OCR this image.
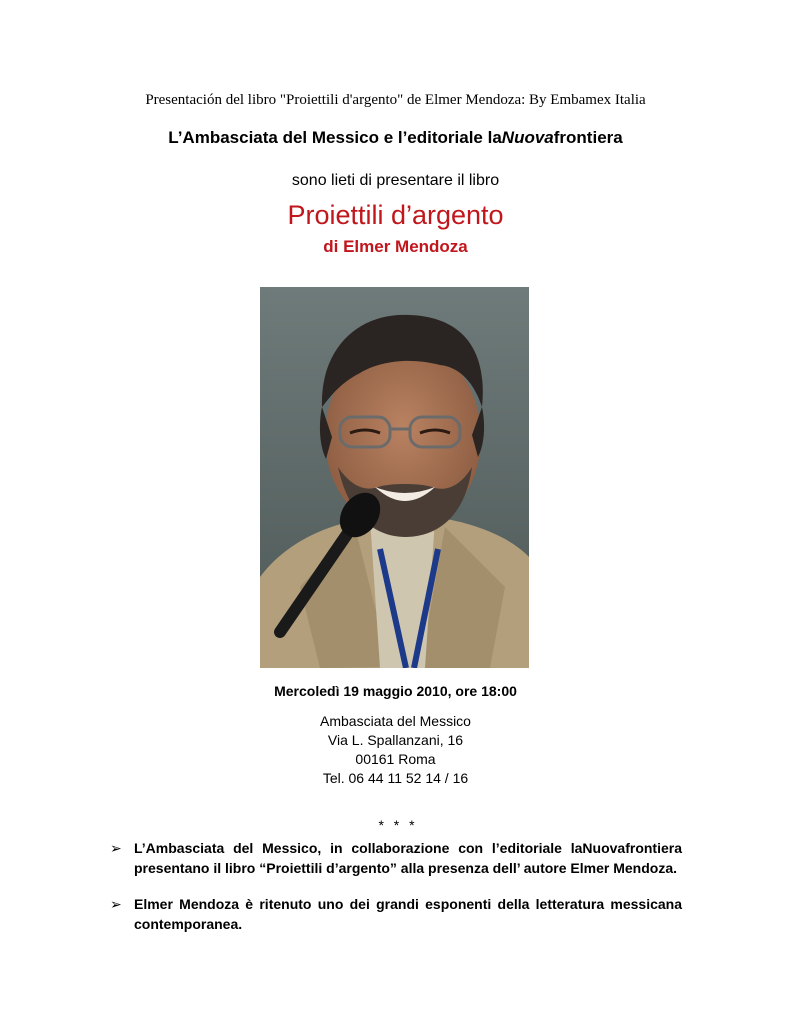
Presentación del libro "Proiettili d'argento" de Elmer Mendoza: By Embamex Italia
L’Ambasciata del Messico e l’editoriale laNuovafrontiera
sono lieti di presentare il libro
Proiettili d’argento
di Elmer Mendoza
Mercoledì 19 maggio 2010, ore 18:00
Ambasciata del Messico
Via L. Spallanzani, 16
00161 Roma
Tel. 06 44 11 52 14 / 16
* * *
➢ L’Ambasciata del Messico, in collaborazione con l’editoriale laNuovafrontiera presentano il libro “Proiettili d’argento” alla presenza dell’ autore Elmer Mendoza.
➢ Elmer Mendoza è ritenuto uno dei grandi esponenti della letteratura messicana contemporanea.
